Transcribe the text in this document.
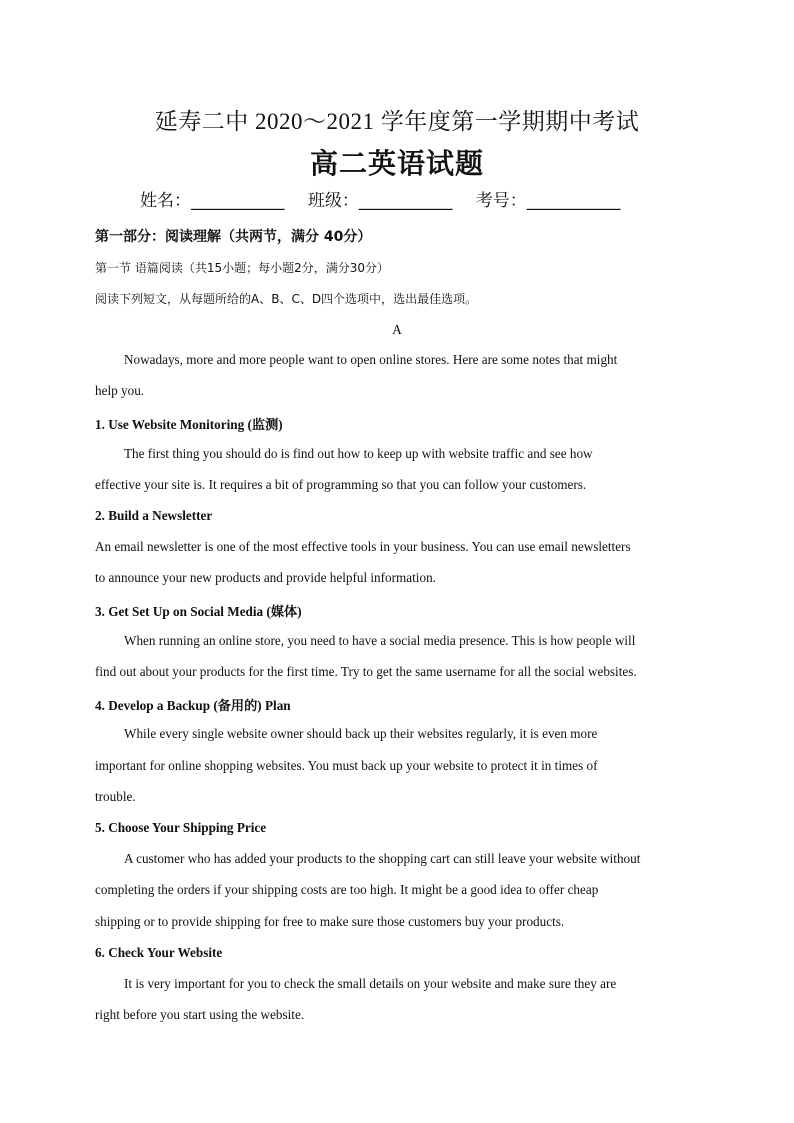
延寿二中 2020～2021 学年度第一学期期中考试
高二英语试题
姓名：___________ 班级：___________ 考号：___________
第一部分：阅读理解（共两节，满分 40分）
第一节 语篇阅读（共15小题；每小题2分，满分30分）
阅读下列短文，从每题所给的A、B、C、D四个选项中，选出最佳选项。
A
Nowadays, more and more people want to open online stores. Here are some notes that might
help you.
1. Use Website Monitoring (监测)
The first thing you should do is find out how to keep up with website traffic and see how
effective your site is. It requires a bit of programming so that you can follow your customers.
2. Build a Newsletter
An email newsletter is one of the most effective tools in your business. You can use email newsletters
to announce your new products and provide helpful information.
3. Get Set Up on Social Media (媒体)
When running an online store, you need to have a social media presence. This is how people will
find out about your products for the first time. Try to get the same username for all the social websites.
4. Develop a Backup (备用的) Plan
While every single website owner should back up their websites regularly, it is even more
important for online shopping websites. You must back up your website to protect it in times of
trouble.
5. Choose Your Shipping Price
A customer who has added your products to the shopping cart can still leave your website without
completing the orders if your shipping costs are too high. It might be a good idea to offer cheap
shipping or to provide shipping for free to make sure those customers buy your products.
6. Check Your Website
It is very important for you to check the small details on your website and make sure they are
right before you start using the website.
